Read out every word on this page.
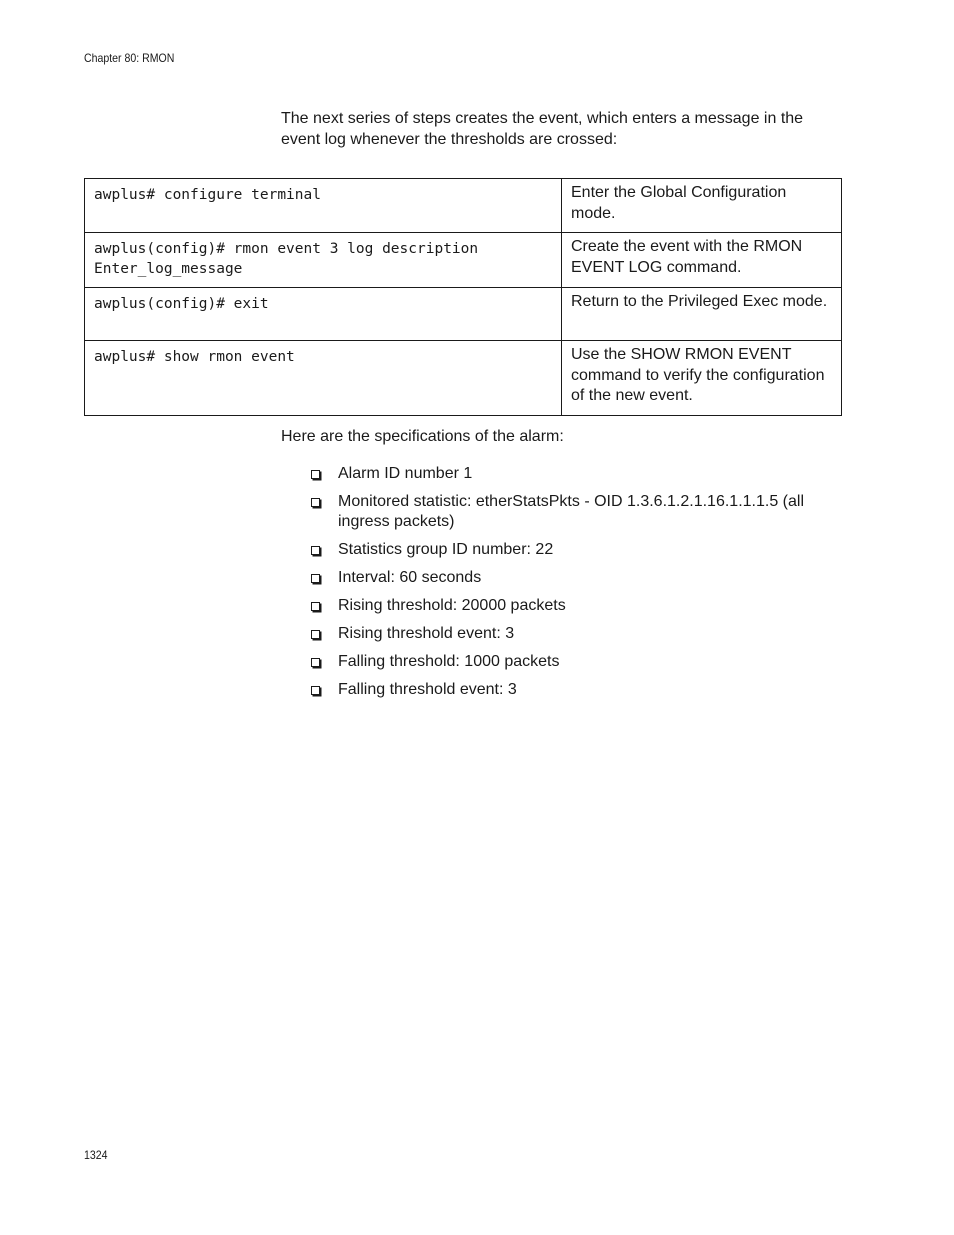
Chapter 80: RMON

The next series of steps creates the event, which enters a message in the event log whenever the thresholds are crossed:

awplus# configure terminal	Enter the Global Configuration mode.
awplus(config)# rmon event 3 log description Enter_log_message	Create the event with the RMON EVENT LOG command.
awplus(config)# exit	Return to the Privileged Exec mode.
awplus# show rmon event	Use the SHOW RMON EVENT command to verify the configuration of the new event.

Here are the specifications of the alarm:

Alarm ID number 1
Monitored statistic: etherStatsPkts - OID 1.3.6.1.2.1.16.1.1.1.5 (all ingress packets)
Statistics group ID number: 22
Interval: 60 seconds
Rising threshold: 20000 packets
Rising threshold event: 3
Falling threshold: 1000 packets
Falling threshold event: 3
1324
